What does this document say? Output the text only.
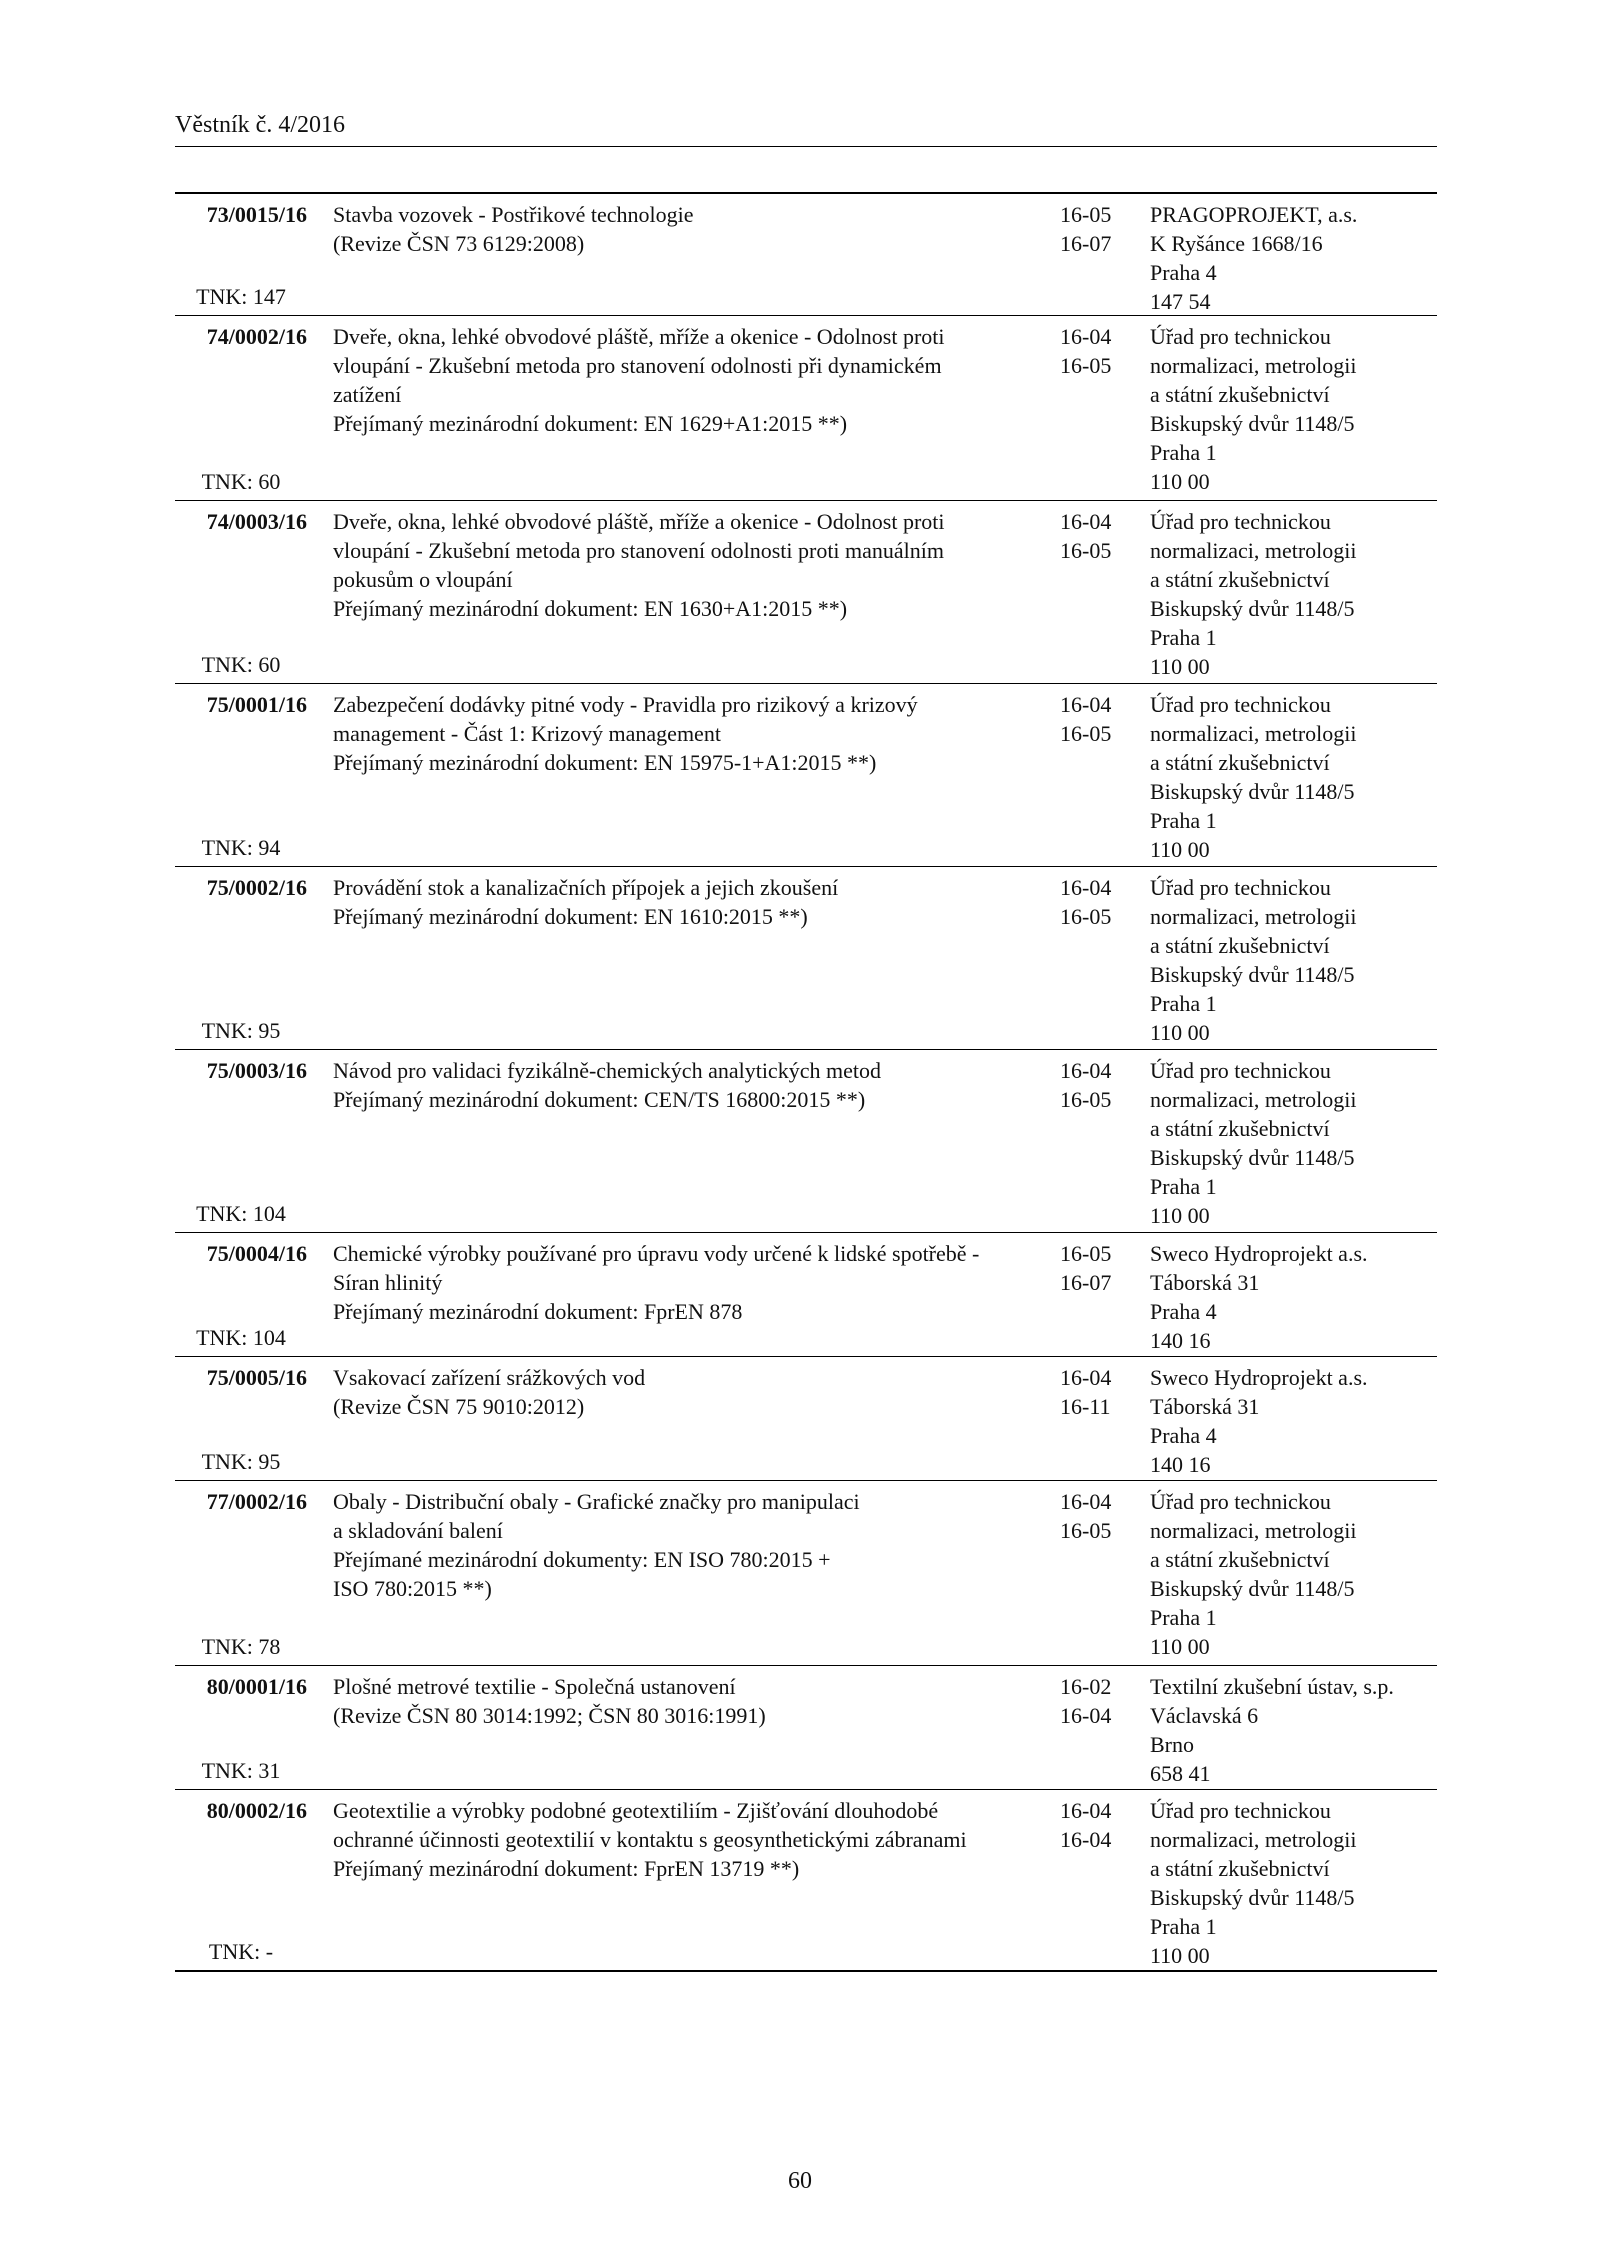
Věstník č. 4/2016
73/0015/16
TNK: 147
Stavba vozovek - Postřikové technologie
(Revize ČSN 73 6129:2008)
16-05
16-07
PRAGOPROJEKT, a.s.
K Ryšánce 1668/16
Praha 4
147 54
74/0002/16
TNK: 60
Dveře, okna, lehké obvodové pláště, mříže a okenice - Odolnost proti
vloupání - Zkušební metoda pro stanovení odolnosti při dynamickém
zatížení
Přejímaný mezinárodní dokument: EN 1629+A1:2015 **)
16-04
16-05
Úřad pro technickou
normalizaci, metrologii
a státní zkušebnictví
Biskupský dvůr 1148/5
Praha 1
110 00
74/0003/16
TNK: 60
Dveře, okna, lehké obvodové pláště, mříže a okenice - Odolnost proti
vloupání - Zkušební metoda pro stanovení odolnosti proti manuálním
pokusům o vloupání
Přejímaný mezinárodní dokument: EN 1630+A1:2015 **)
16-04
16-05
Úřad pro technickou
normalizaci, metrologii
a státní zkušebnictví
Biskupský dvůr 1148/5
Praha 1
110 00
75/0001/16
TNK: 94
Zabezpečení dodávky pitné vody - Pravidla pro rizikový a krizový
management - Část 1: Krizový management
Přejímaný mezinárodní dokument: EN 15975-1+A1:2015 **)
16-04
16-05
Úřad pro technickou
normalizaci, metrologii
a státní zkušebnictví
Biskupský dvůr 1148/5
Praha 1
110 00
75/0002/16
TNK: 95
Provádění stok a kanalizačních přípojek a jejich zkoušení
Přejímaný mezinárodní dokument: EN 1610:2015 **)
16-04
16-05
Úřad pro technickou
normalizaci, metrologii
a státní zkušebnictví
Biskupský dvůr 1148/5
Praha 1
110 00
75/0003/16
TNK: 104
Návod pro validaci fyzikálně-chemických analytických metod
Přejímaný mezinárodní dokument: CEN/TS 16800:2015 **)
16-04
16-05
Úřad pro technickou
normalizaci, metrologii
a státní zkušebnictví
Biskupský dvůr 1148/5
Praha 1
110 00
75/0004/16
TNK: 104
Chemické výrobky používané pro úpravu vody určené k lidské spotřebě -
Síran hlinitý
Přejímaný mezinárodní dokument: FprEN 878
16-05
16-07
Sweco Hydroprojekt a.s.
Táborská 31
Praha 4
140 16
75/0005/16
TNK: 95
Vsakovací zařízení srážkových vod
(Revize ČSN 75 9010:2012)
16-04
16-11
Sweco Hydroprojekt a.s.
Táborská 31
Praha 4
140 16
77/0002/16
TNK: 78
Obaly - Distribuční obaly - Grafické značky pro manipulaci
a skladování balení
Přejímané mezinárodní dokumenty: EN ISO 780:2015 +
ISO 780:2015 **)
16-04
16-05
Úřad pro technickou
normalizaci, metrologii
a státní zkušebnictví
Biskupský dvůr 1148/5
Praha 1
110 00
80/0001/16
TNK: 31
Plošné metrové textilie - Společná ustanovení
(Revize ČSN 80 3014:1992; ČSN 80 3016:1991)
16-02
16-04
Textilní zkušební ústav, s.p.
Václavská 6
Brno
658 41
80/0002/16
TNK: -
Geotextilie a výrobky podobné geotextiliím - Zjišťování dlouhodobé
ochranné účinnosti geotextilií v kontaktu s geosynthetickými zábranami
Přejímaný mezinárodní dokument: FprEN 13719 **)
16-04
16-04
Úřad pro technickou
normalizaci, metrologii
a státní zkušebnictví
Biskupský dvůr 1148/5
Praha 1
110 00
60
